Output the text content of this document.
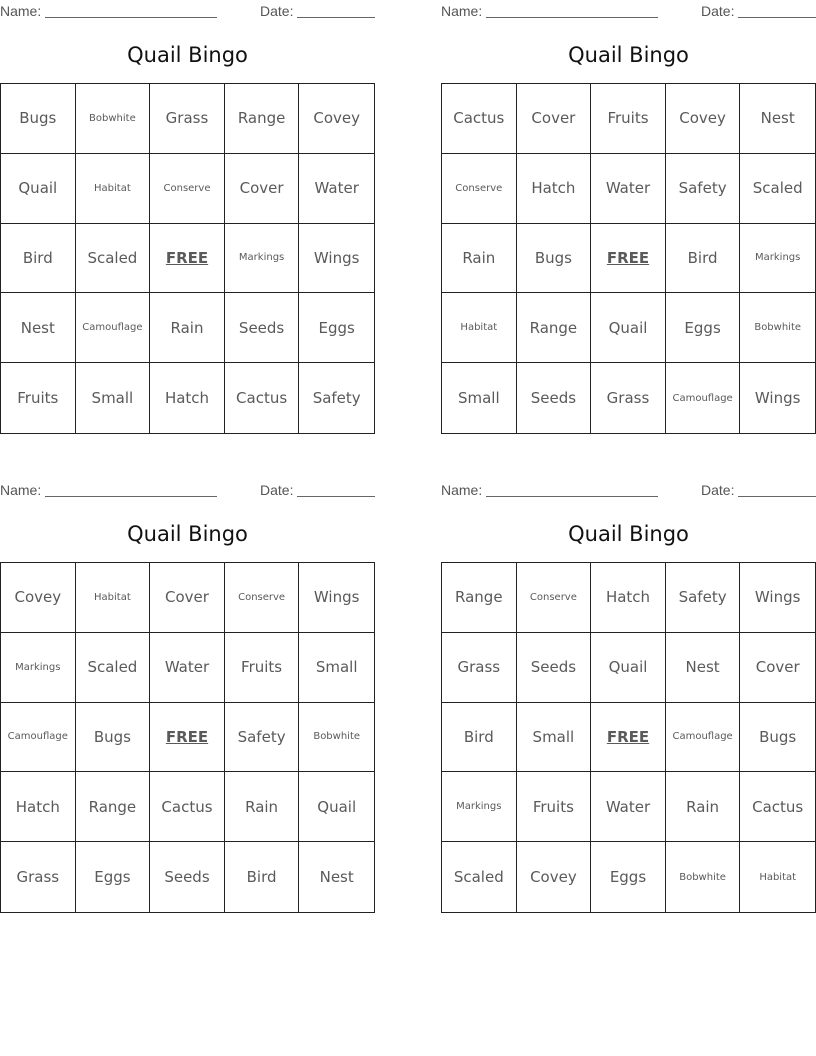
Name:	Date:
Quail Bingo
Bugs	Bobwhite	Grass	Range	Covey
Quail	Habitat	Conserve	Cover	Water
Bird	Scaled	FREE	Markings	Wings
Nest	Camouflage	Rain	Seeds	Eggs
Fruits	Small	Hatch	Cactus	Safety
Name:	Date:
Quail Bingo
Cactus	Cover	Fruits	Covey	Nest
Conserve	Hatch	Water	Safety	Scaled
Rain	Bugs	FREE	Bird	Markings
Habitat	Range	Quail	Eggs	Bobwhite
Small	Seeds	Grass	Camouflage	Wings
Name:	Date:
Quail Bingo
Covey	Habitat	Cover	Conserve	Wings
Markings	Scaled	Water	Fruits	Small
Camouflage	Bugs	FREE	Safety	Bobwhite
Hatch	Range	Cactus	Rain	Quail
Grass	Eggs	Seeds	Bird	Nest
Name:	Date:
Quail Bingo
Range	Conserve	Hatch	Safety	Wings
Grass	Seeds	Quail	Nest	Cover
Bird	Small	FREE	Camouflage	Bugs
Markings	Fruits	Water	Rain	Cactus
Scaled	Covey	Eggs	Bobwhite	Habitat
